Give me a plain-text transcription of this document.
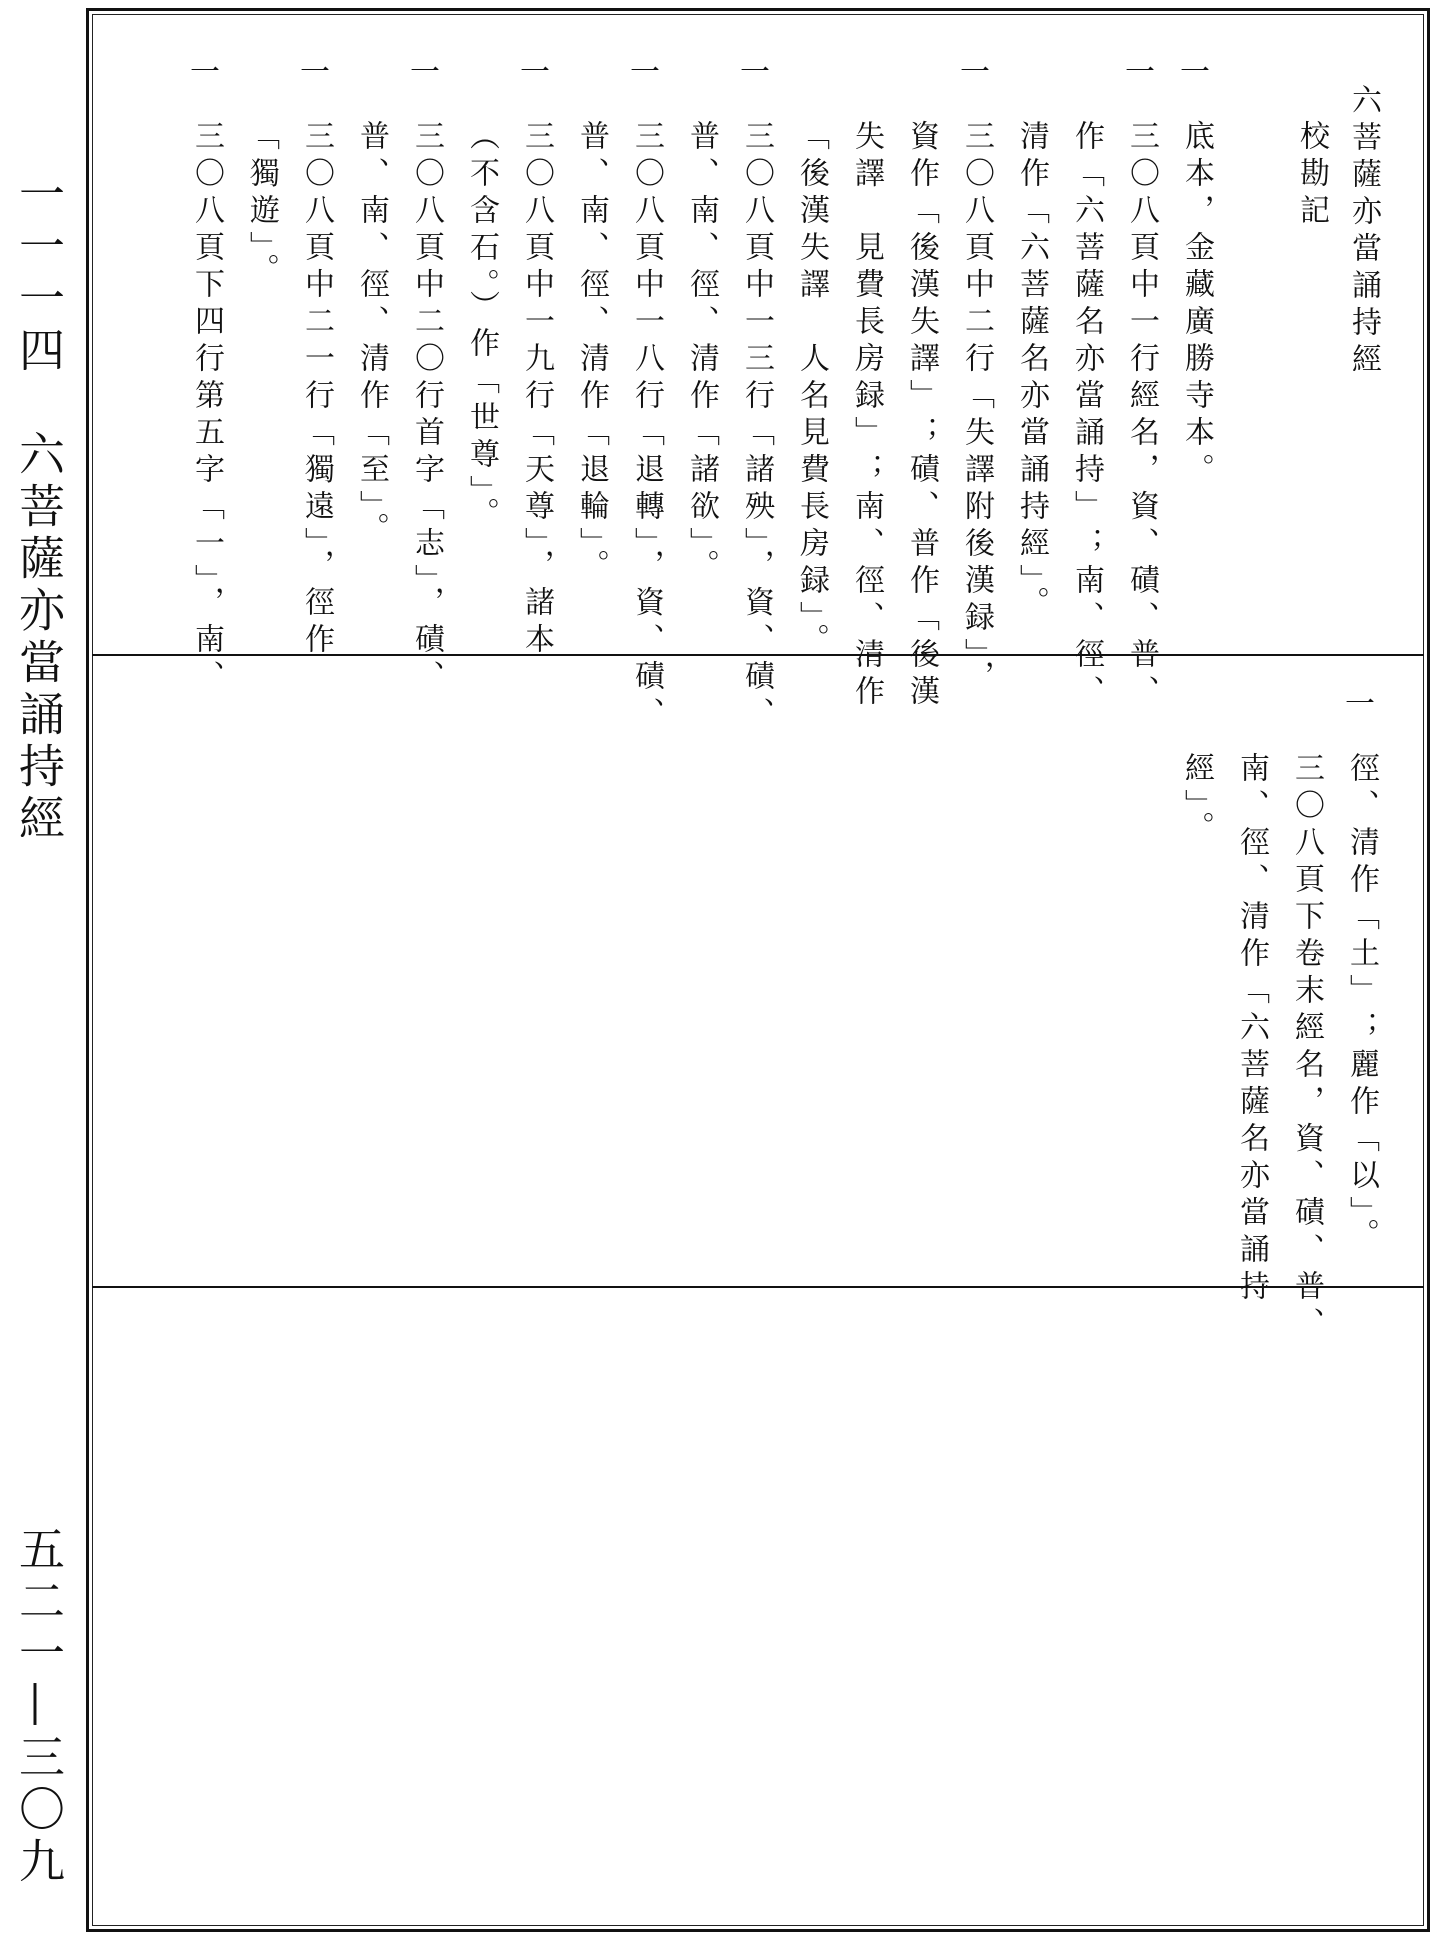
一一一四　六菩薩亦當誦持經
五二一—三〇九
六菩薩亦當誦持經
校勘記
一
底本，金藏廣勝寺本。
一
三〇八頁中一行經名，資、磧、普、
作「六菩薩名亦當誦持」；南、徑、
清作「六菩薩名亦當誦持經」。
一
三〇八頁中二行「失譯附後漢録」，
資作「後漢失譯」；磧、普作「後漢
失譯　見費長房録」；南、徑、清作
「後漢失譯　人名見費長房録」。
一
三〇八頁中一三行「諸殃」，資、磧、
普、南、徑、清作「諸欲」。
一
三〇八頁中一八行「退轉」，資、磧、
普、南、徑、清作「退輪」。
一
三〇八頁中一九行「天尊」，諸本
（不含石。）作「世尊」。
一
三〇八頁中二〇行首字「志」，磧、
普、南、徑、清作「至」。
一
三〇八頁中二一行「獨遠」，徑作
「獨遊」。
一
三〇八頁下四行第五字「一」，南、
一
徑、清作「土」；麗作「以」。
三〇八頁下卷末經名，資、磧、普、
南、徑、清作「六菩薩名亦當誦持
經」。
